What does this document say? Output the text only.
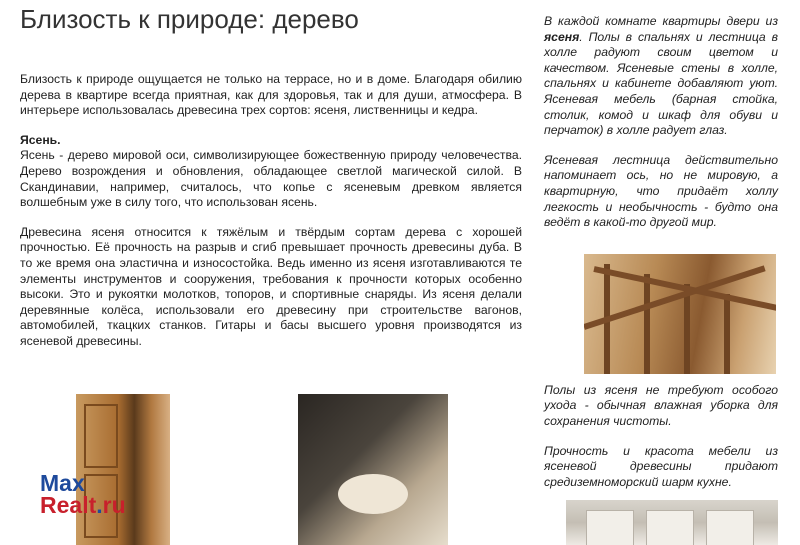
Близость к природе: дерево

Близость к природе ощущается не только на террасе, но и в доме. Благодаря обилию дерева в квартире всегда приятная, как для здоровья, так и для души, атмосфера. В интерьере использовалась древесина трех сортов: ясеня, лиственницы и кедра.

Ясень.

Ясень - дерево мировой оси, символизирующее божественную природу человечества. Дерево возрождения и обновления, обладающее светлой магической силой. В Скандинавии, например, считалось, что копье с ясеневым древком является волшебным уже в силу того, что использован ясень.

Древесина ясеня относится к тяжёлым и твёрдым сортам дерева с хорошей прочностью. Её прочность на разрыв и сгиб превышает прочность древесины дуба. В то же время она эластична и износостойка. Ведь именно из ясеня изготавливаются те элементы инструментов и сооружения, требования к прочности которых особенно высоки. Это и рукоятки молотков, топоров, и спортивные снаряды. Из ясеня делали деревянные колёса, использовали его древесину при строительстве вагонов, автомобилей, ткацких станков. Гитары и басы высшего уровня производятся из ясеневой древесины.

В каждой комнате квартиры двери из ясеня. Полы в спальнях и лестница в холле радуют своим цветом и качеством. Ясеневые стены в холле, спальнях и кабинете добавляют уют. Ясеневая мебель (барная стойка, столик, комод и шкаф для обуви и перчаток) в холле радует глаз.

Ясеневая лестница действительно напоминает ось, но не мировую, а квартирную, что придаёт холлу легкость и необычность - будто она ведёт в какой-то другой мир.

Полы из ясеня не требуют особого ухода - обычная влажная уборка для сохранения чистоты.

Прочность и красота мебели из ясеневой древесины придают средиземноморский шарм кухне.

Max
Realt.ru
